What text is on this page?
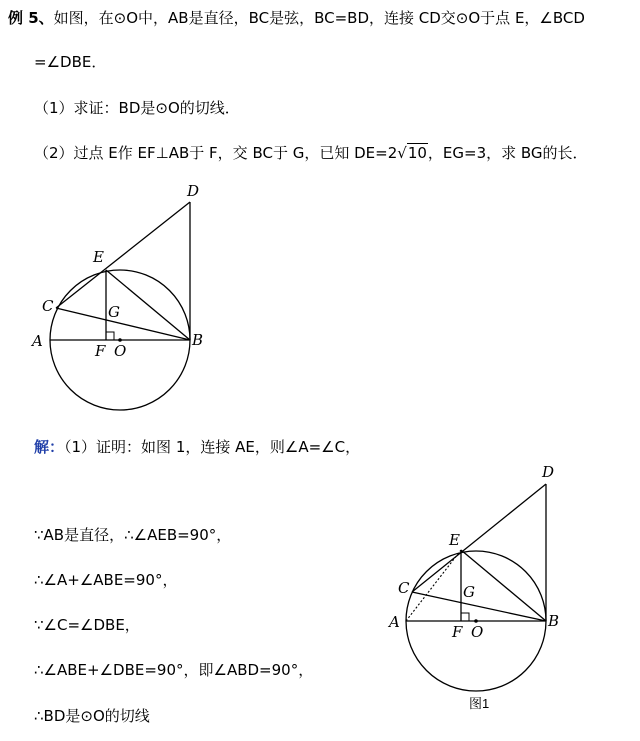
例 5、如图，在⊙O中，AB是直径，BC是弦，BC=BD，连接 CD交⊙O于点 E，∠BCD
=∠DBE．
（1）求证：BD是⊙O的切线．
（2）过点 E作 EF⊥AB于 F，交 BC于 G，已知 DE=2√10，EG=3，求 BG的长．
D
E
C	G
A
F O
B
解：（1）证明：如图 1，连接 AE，则∠A=∠C，
∵AB是直径，∴∠AEB=90°，
∴∠A+∠ABE=90°，
∵∠C=∠DBE，
∴∠ABE+∠DBE=90°，即∠ABD=90°，
∴BD是⊙O的切线
D
E
C	G
A
F O
B
图1
